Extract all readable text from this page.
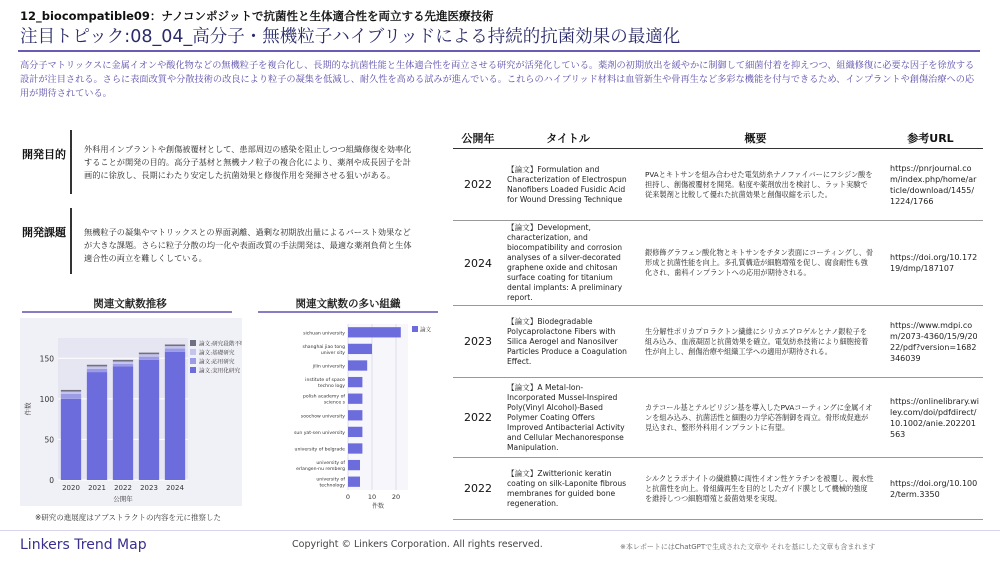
12_biocompatible09：ナノコンポジットで抗菌性と生体適合性を両立する先進医療技術
注目トピック:08_04_高分子・無機粒子ハイブリッドによる持続的抗菌効果の最適化
高分子マトリックスに金属イオンや酸化物などの無機粒子を複合化し、長期的な抗菌性能と生体適合性を両立させる研究が活発化している。薬剤の初期放出を緩やかに制御して細菌付着を抑えつつ、組織修復に必要な因子を徐放する設計が注目される。さらに表面改質や分散技術の改良により粒子の凝集を低減し、耐久性を高める試みが進んでいる。これらのハイブリッド材料は血管新生や骨再生など多彩な機能を付与できるため、インプラントや創傷治療への応用が期待されている。
開発目的 外科用インプラントや創傷被覆材として、患部周辺の感染を阻止しつつ組織修復を効率化することが開発の目的。高分子基材と無機ナノ粒子の複合化により、薬剤や成長因子を計画的に徐放し、長期にわたり安定した抗菌効果と修復作用を発揮させる狙いがある。
開発課題 無機粒子の凝集やマトリックスとの界面剥離、過剰な初期放出量によるバースト効果などが大きな課題。さらに粒子分散の均一化や表面改質の手法開発は、最適な薬剤負荷と生体適合性の両立を難しくしている。
関連文献数推移	関連文献数の多い組織
0
50
100
150
2020 2021 2022 2023 2024
公開年
件数
論文:研究段階不明
論文:基礎研究
論文:応用研究
論文:実用化研究
0	10 20
sichuan university
shanghai jiao tong
univer sity
jilin university
institute of space
techno logy
polish academy of
science s
soochow university
sun yat-sen university
university of belgrade
university of
erlangen-nu remberg
university of
technology
件数
論文
※研究の進展度はアブストラクトの内容を元に推察した
公開年	タイトル	概要	参考URL
2022	【論文】Formulation and Characterization of Electrospun Nanofibers Loaded Fusidic Acid for Wound Dressing Technique	PVAとキトサンを組み合わせた電気紡糸ナノファイバーにフシジン酸を担持し、創傷被覆材を開発。粘度や薬剤放出を検討し、ラット実験で従来製剤と比較して優れた抗菌効果と創傷収縮を示した。	https://pnrjournal.com/index.php/home/article/download/1455/1224/1766
2024	【論文】Development, characterization, and biocompatibility and corrosion analyses of a silver-decorated graphene oxide and chitosan surface coating for titanium dental implants: A preliminary report.	銀修飾グラフェン酸化物とキトサンをチタン表面にコーティングし、骨形成と抗菌性能を向上。多孔質構造が細胞増殖を促し、腐食耐性も強化され、歯科インプラントへの応用が期待される。	https://doi.org/10.17219/dmp/187107
2023	【論文】Biodegradable Polycaprolactone Fibers with Silica Aerogel and Nanosilver Particles Produce a Coagulation Effect.	生分解性ポリカプロラクトン繊維にシリカエアロゲルとナノ銀粒子を組み込み、血液凝固と抗菌効果を確立。電気紡糸技術により細胞接着性が向上し、創傷治療や組織工学への適用が期待される。	https://www.mdpi.com/2073-4360/15/9/2022/pdf?version=1682346039
2022	【論文】A Metal-Ion-Incorporated Mussel-Inspired Poly(Vinyl Alcohol)-Based Polymer Coating Offers Improved Antibacterial Activity and Cellular Mechanoresponse Manipulation.	カテコール基とテルピリジン基を導入したPVAコーティングに金属イオンを組み込み、抗菌活性と細胞の力学応答制御を両立。骨形成促進が見込まれ、整形外科用インプラントに有望。	https://onlinelibrary.wiley.com/doi/pdfdirect/10.1002/anie.202201563
2022	【論文】Zwitterionic keratin coating on silk-Laponite fibrous membranes for guided bone regeneration.	シルクとラポナイトの繊維膜に両性イオン性ケラチンを被覆し、親水性と抗菌性を向上。骨組織再生を目的としたガイド膜として機械的強度を維持しつつ細胞増殖と殺菌効果を実現。	https://doi.org/10.1002/term.3350
Linkers Trend Map	Copyright © Linkers Corporation. All rights reserved.	※本レポートにはChatGPTで生成された文章や それを基にした文章も含まれます
